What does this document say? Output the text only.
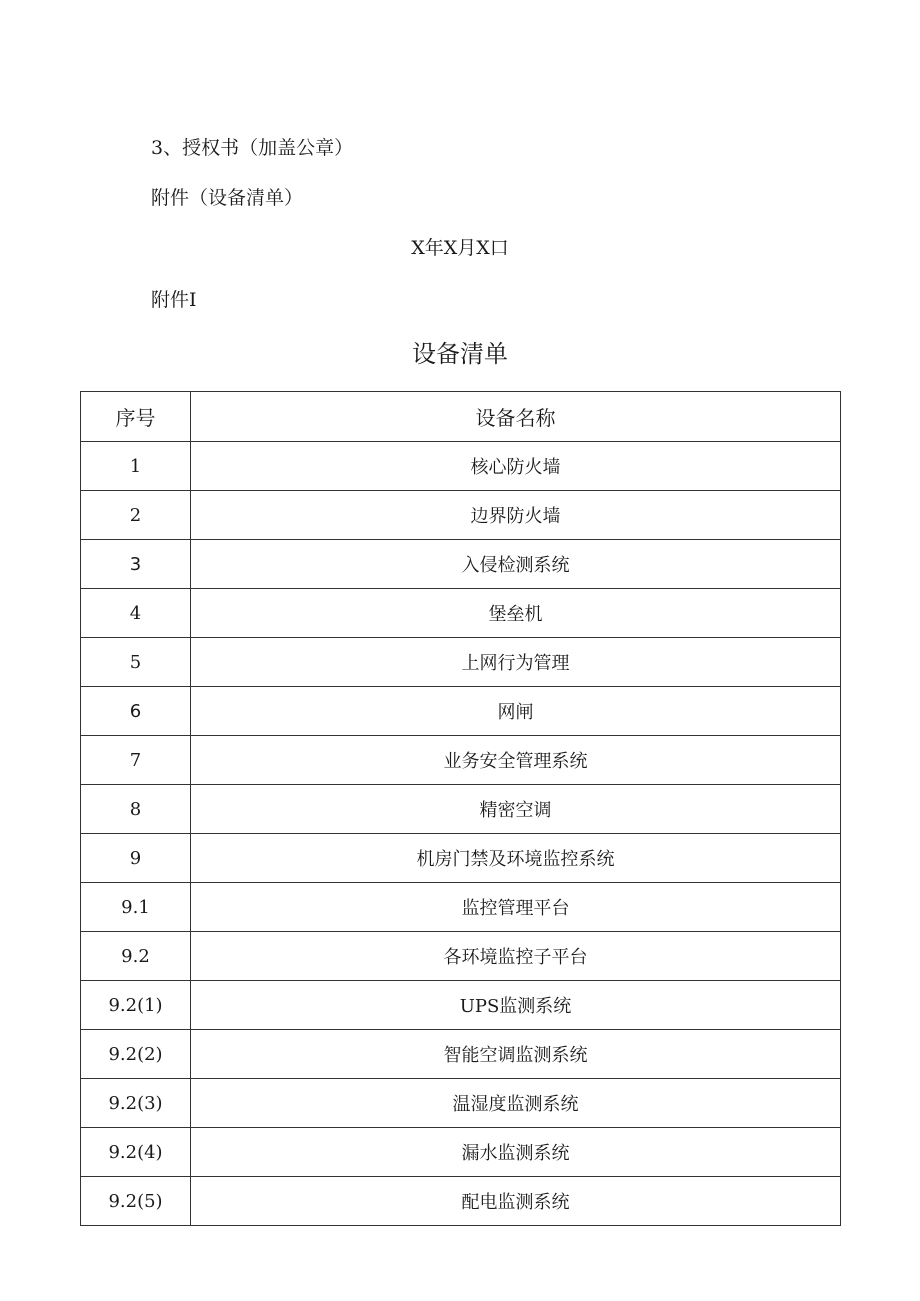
3、授权书（加盖公章）
附件（设备清单）
X年X月X口
附件I
设备清单
序号	设备名称
1	核心防火墙
2	边界防火墙
3	入侵检测系统
4	堡垒机
5	上网行为管理
6	网闸
7	业务安全管理系统
8	精密空调
9	机房门禁及环境监控系统
9.1	监控管理平台
9.2	各环境监控子平台
9.2(1)	UPS监测系统
9.2(2)	智能空调监测系统
9.2(3)	温湿度监测系统
9.2(4)	漏水监测系统
9.2(5)	配电监测系统
